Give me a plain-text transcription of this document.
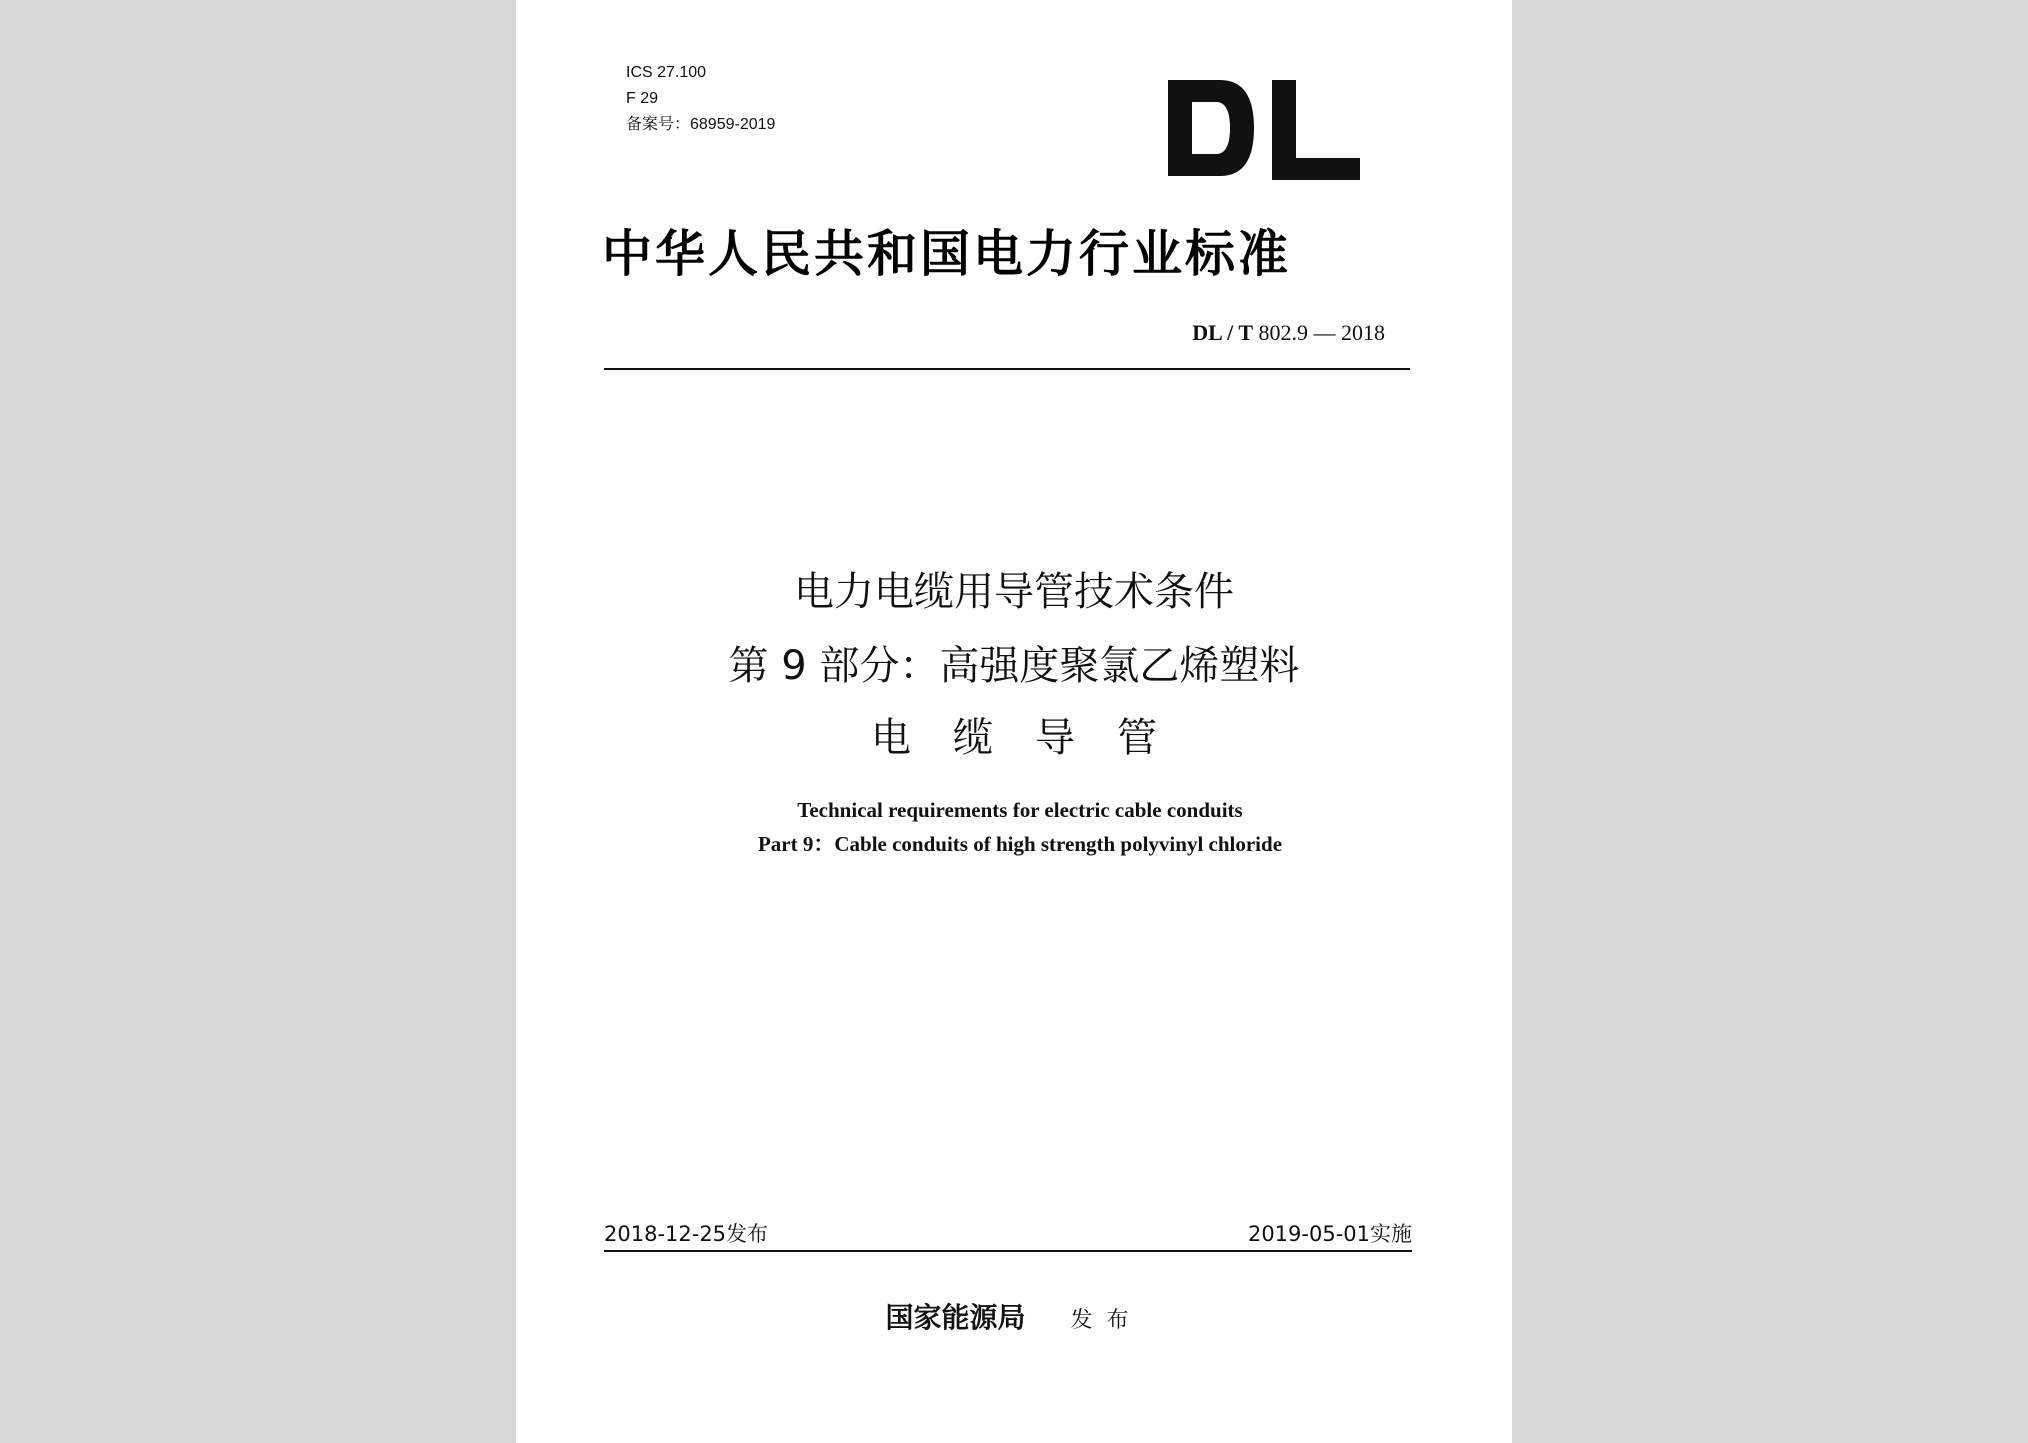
ICS 27.100
F 29
备案号：68959-2019
中华人民共和国电力行业标准
DL / T 802.9 — 2018
电力电缆用导管技术条件
第 9 部分：高强度聚氯乙烯塑料
电缆导管
Technical requirements for electric cable conduits
Part 9：Cable conduits of high strength polyvinyl chloride
2018-12-25发布	2019-05-01实施
国家能源局 发布
